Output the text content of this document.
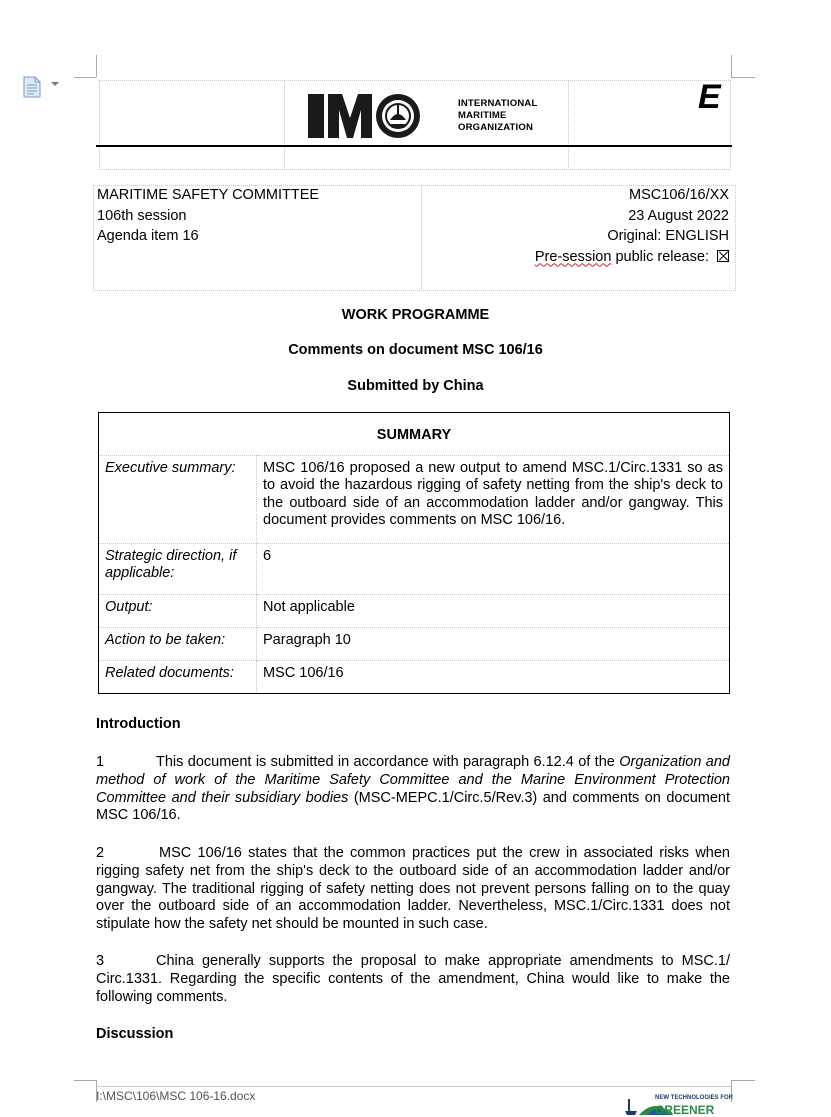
INTERNATIONAL
MARITIME
ORGANIZATION
E
MARITIME SAFETY COMMITTEE
106th session
Agenda item 16
MSC106/16/XX
23 August 2022
Original: ENGLISH
Pre-session public release:
WORK PROGRAMME
Comments on document MSC 106/16
Submitted by China
SUMMARY	
Executive summary:	MSC 106/16 proposed a new output to amend MSC.1/Circ.1331 so as to avoid the hazardous rigging of safety netting from the ship's deck to the outboard side of an accommodation ladder and/or gangway. This document provides comments on MSC 106/16.
Strategic direction, if applicable:	6
Output:	Not applicable
Action to be taken:	Paragraph 10
Related documents:	MSC 106/16
Introduction
1	This document is submitted in accordance with paragraph 6.12.4 of the Organization and method of work of the Maritime Safety Committee and the Marine Environment Protection Committee and their subsidiary bodies (MSC-MEPC.1/Circ.5/Rev.3) and comments on document MSC 106/16.
2	MSC 106/16 states that the common practices put the crew in associated risks when rigging safety net from the ship's deck to the outboard side of an accommodation ladder and/or gangway. The traditional rigging of safety netting does not prevent persons falling on to the quay over the outboard side of an accommodation ladder. Nevertheless, MSC.1/Circ.1331 does not stipulate how the safety net should be mounted in such case.
3	China generally supports the proposal to make appropriate amendments to MSC.1/ Circ.1331. Regarding the specific contents of the amendment, China would like to make the following comments.
Discussion
I:\MSC\106\MSC 106-16.docx	NEW TECHNOLOGIES FOR
GREENER
